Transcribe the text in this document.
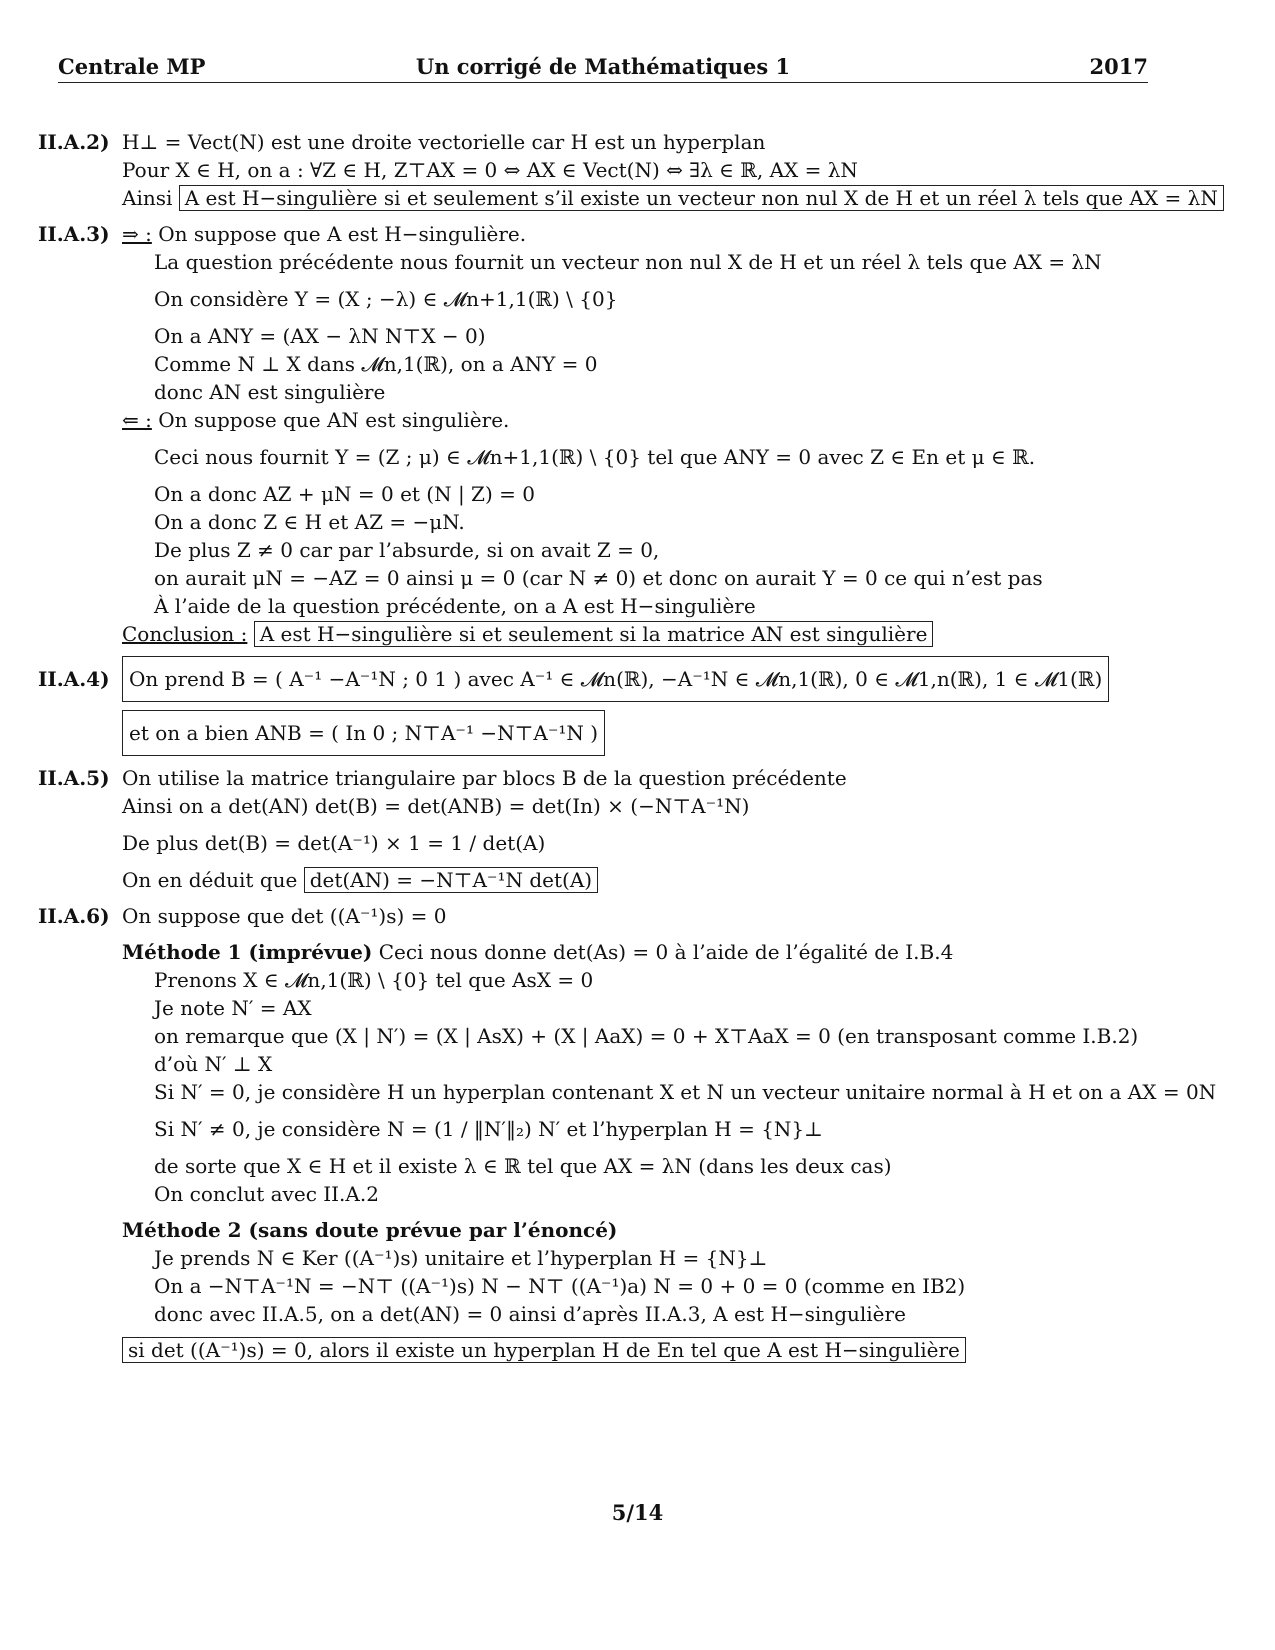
Centrale MP	Un corrigé de Mathématiques 1	2017
II.A.2) H⊥ = Vect(N) est une droite vectorielle car H est un hyperplan
Pour X ∈ H, on a : ∀Z ∈ H, Z⊤AX = 0 ⇔ AX ∈ Vect(N) ⇔ ∃λ ∈ ℝ, AX = λN
Ainsi A est H−singulière si et seulement s’il existe un vecteur non nul X de H et un réel λ tels que AX = λN
II.A.3) ⇒ : On suppose que A est H−singulière.
La question précédente nous fournit un vecteur non nul X de H et un réel λ tels que AX = λN
On considère Y = (X ; −λ) ∈ 𝓜n+1,1(ℝ) \ {0}
On a ANY = (AX − λN N⊤X − 0)
Comme N ⊥ X dans 𝓜n,1(ℝ), on a ANY = 0
donc AN est singulière
⇐ : On suppose que AN est singulière.
Ceci nous fournit Y = (Z ; μ) ∈ 𝓜n+1,1(ℝ) \ {0} tel que ANY = 0 avec Z ∈ En et μ ∈ ℝ.
On a donc AZ + μN = 0 et (N | Z) = 0
On a donc Z ∈ H et AZ = −μN.
De plus Z ≠ 0 car par l’absurde, si on avait Z = 0,
on aurait μN = −AZ = 0 ainsi μ = 0 (car N ≠ 0) et donc on aurait Y = 0 ce qui n’est pas
À l’aide de la question précédente, on a A est H−singulière
Conclusion : A est H−singulière si et seulement si la matrice AN est singulière
II.A.4) On prend B = ( A⁻¹ −A⁻¹N ; 0 1 ) avec A⁻¹ ∈ 𝓜n(ℝ), −A⁻¹N ∈ 𝓜n,1(ℝ), 0 ∈ 𝓜1,n(ℝ), 1 ∈ 𝓜1(ℝ)
et on a bien ANB = ( In 0 ; N⊤A⁻¹ −N⊤A⁻¹N )
II.A.5) On utilise la matrice triangulaire par blocs B de la question précédente
Ainsi on a det(AN) det(B) = det(ANB) = det(In) × (−N⊤A⁻¹N)
De plus det(B) = det(A⁻¹) × 1 = 1 / det(A)
On en déduit que det(AN) = −N⊤A⁻¹N det(A)
II.A.6) On suppose que det ((A⁻¹)s) = 0
Méthode 1 (imprévue) Ceci nous donne det(As) = 0 à l’aide de l’égalité de I.B.4
Prenons X ∈ 𝓜n,1(ℝ) \ {0} tel que AsX = 0
Je note N′ = AX
on remarque que (X | N′) = (X | AsX) + (X | AaX) = 0 + X⊤AaX = 0 (en transposant comme I.B.2)
d’où N′ ⊥ X
Si N′ = 0, je considère H un hyperplan contenant X et N un vecteur unitaire normal à H et on a AX = 0N
Si N′ ≠ 0, je considère N = (1 / ‖N′‖₂) N′ et l’hyperplan H = {N}⊥
de sorte que X ∈ H et il existe λ ∈ ℝ tel que AX = λN (dans les deux cas)
On conclut avec II.A.2
Méthode 2 (sans doute prévue par l’énoncé)
Je prends N ∈ Ker ((A⁻¹)s) unitaire et l’hyperplan H = {N}⊥
On a −N⊤A⁻¹N = −N⊤ ((A⁻¹)s) N − N⊤ ((A⁻¹)a) N = 0 + 0 = 0 (comme en IB2)
donc avec II.A.5, on a det(AN) = 0 ainsi d’après II.A.3, A est H−singulière
si det ((A⁻¹)s) = 0, alors il existe un hyperplan H de En tel que A est H−singulière
5/14
